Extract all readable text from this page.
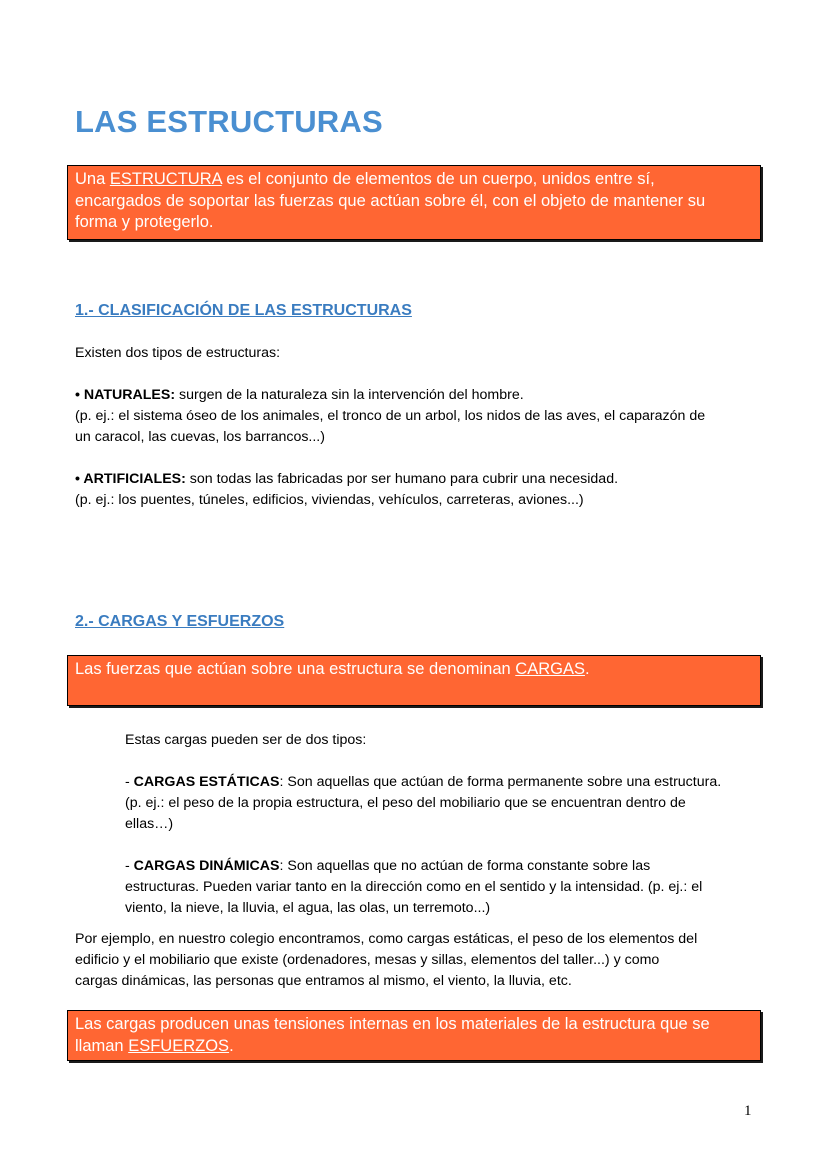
LAS ESTRUCTURAS
Una ESTRUCTURA es el conjunto de elementos de un cuerpo, unidos entre sí,
encargados de soportar las fuerzas que actúan sobre él, con el objeto de mantener su
forma y protegerlo.
1.- CLASIFICACIÓN DE LAS ESTRUCTURAS
Existen dos tipos de estructuras:
• NATURALES: surgen de la naturaleza sin la intervención del hombre.
(p. ej.: el sistema óseo de los animales, el tronco de un arbol, los nidos de las aves, el caparazón de
un caracol, las cuevas, los barrancos...)
• ARTIFICIALES: son todas las fabricadas por ser humano para cubrir una necesidad.
(p. ej.: los puentes, túneles, edificios, viviendas, vehículos, carreteras, aviones...)
2.- CARGAS Y ESFUERZOS
Las fuerzas que actúan sobre una estructura se denominan CARGAS.
Estas cargas pueden ser de dos tipos:
- CARGAS ESTÁTICAS: Son aquellas que actúan de forma permanente sobre una estructura.
(p. ej.: el peso de la propia estructura, el peso del mobiliario que se encuentran dentro de
ellas…)
- CARGAS DINÁMICAS: Son aquellas que no actúan de forma constante sobre las
estructuras. Pueden variar tanto en la dirección como en el sentido y la intensidad. (p. ej.: el
viento, la nieve, la lluvia, el agua, las olas, un terremoto...)
Por ejemplo, en nuestro colegio encontramos, como cargas estáticas, el peso de los elementos del
edificio y el mobiliario que existe (ordenadores, mesas y sillas, elementos del taller...) y como
cargas dinámicas, las personas que entramos al mismo, el viento, la lluvia, etc.
Las cargas producen unas tensiones internas en los materiales de la estructura que se
llaman ESFUERZOS.
1
